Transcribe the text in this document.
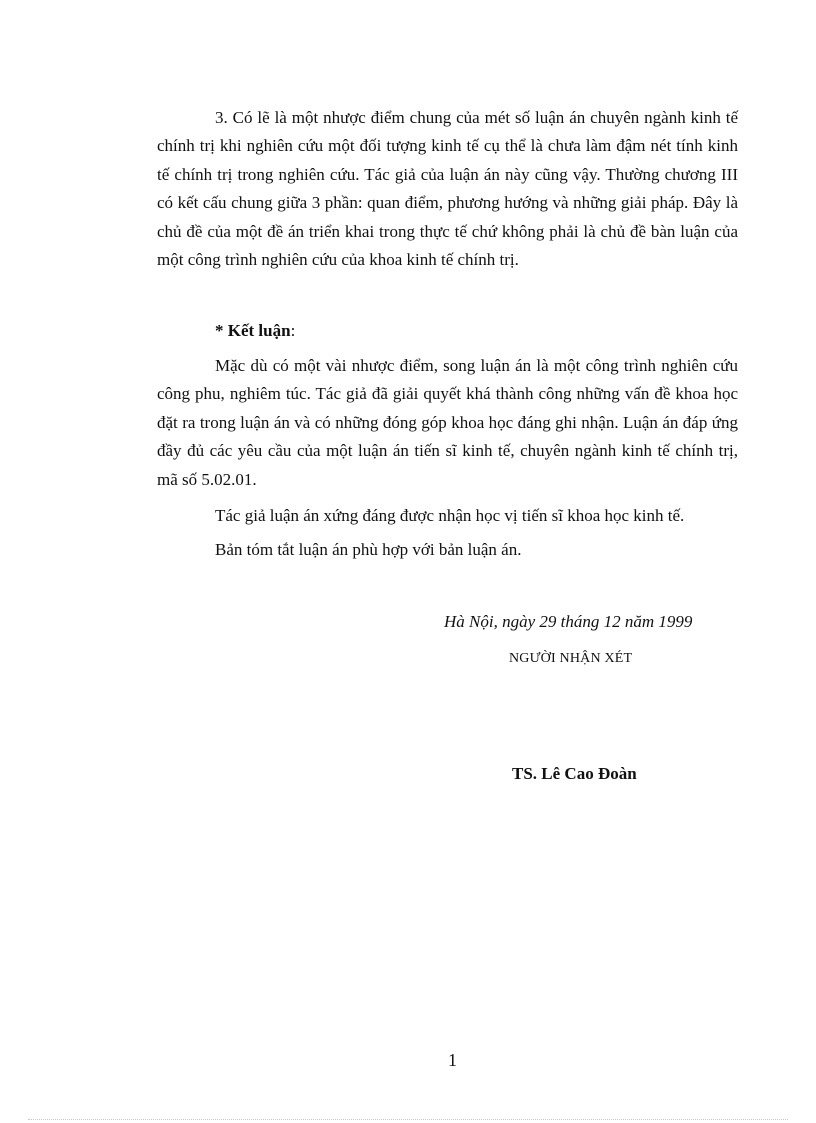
3. Có lẽ là một nhược điểm chung của mét số luận án chuyên ngành kinh tế chính trị khi nghiên cứu một đối tượng kinh tế cụ thể là chưa làm đậm nét tính kinh tế chính trị trong nghiên cứu. Tác giả của luận án này cũng vậy. Thường chương III có kết cấu chung giữa 3 phần: quan điểm, phương hướng và những giải pháp. Đây là chủ đề của một đề án triển khai trong thực tế chứ không phải là chủ đề bàn luận của một công trình nghiên cứu của khoa kinh tế chính trị.

* Kết luận:

Mặc dù có một vài nhược điểm, song luận án là một công trình nghiên cứu công phu, nghiêm túc. Tác giả đã giải quyết khá thành công những vấn đề khoa học đặt ra trong luận án và có những đóng góp khoa học đáng ghi nhận. Luận án đáp ứng đầy đủ các yêu cầu của một luận án tiến sĩ kinh tế, chuyên ngành kinh tế chính trị, mã số 5.02.01.

Tác giả luận án xứng đáng được nhận học vị tiến sĩ khoa học kinh tế.

Bản tóm tắt luận án phù hợp với bản luận án.

Hà Nội, ngày 29 tháng 12 năm 1999
NGƯỜI NHẬN XÉT
TS. Lê Cao Đoàn
1
